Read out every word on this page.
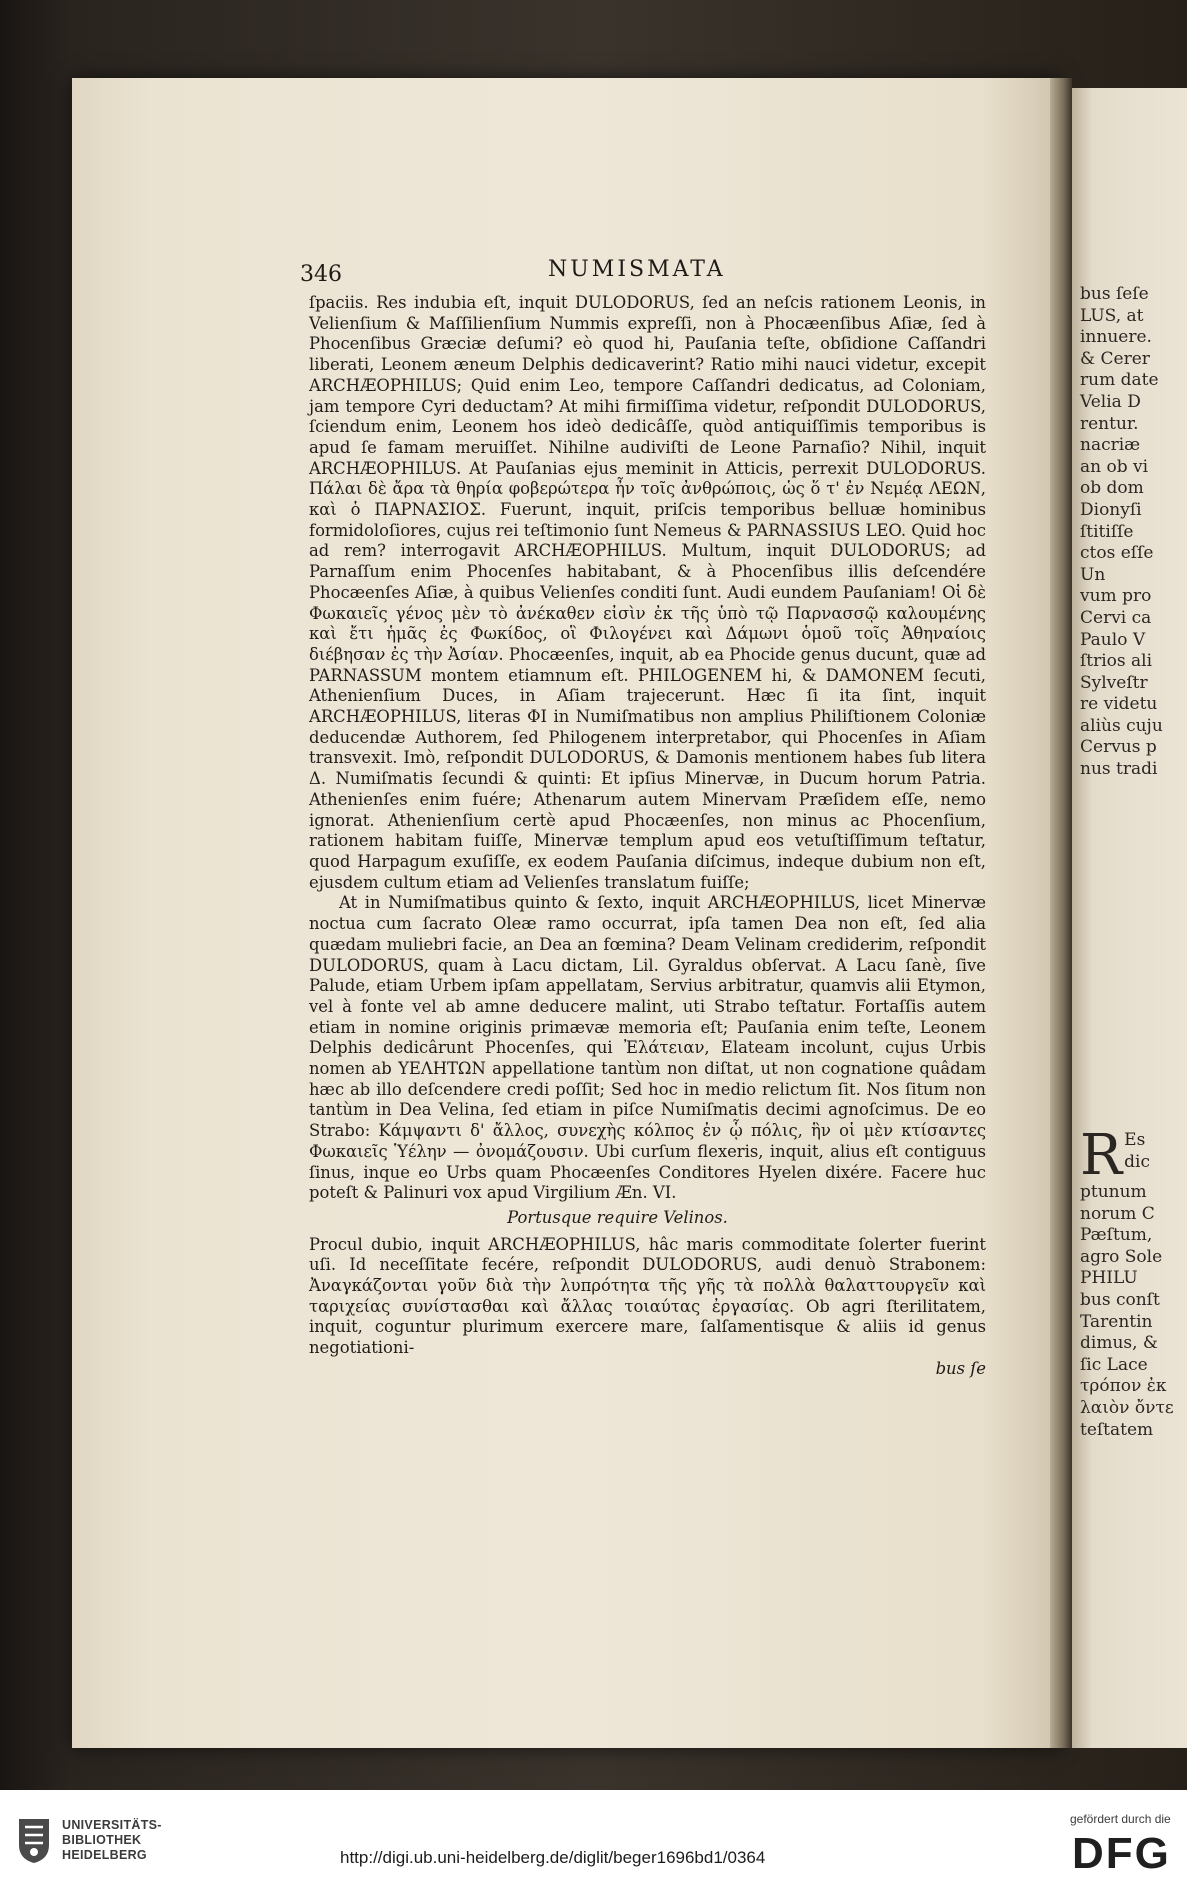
bus ſeſe
LUS, at
innuere.
& Cerer
rum date
Velia D
rentur.
nacriæ
an ob vi
ob dom
Dionyſi
ſtitiſſe
ctos eſſe
Un
vum pro
Cervi ca
Paulo V
ſtrios ali
Sylveſtr
re videtu
aliùs cuju
Cervus p
nus tradi
R Es
dic
ptunum
norum C
Pæſtum,
agro Sole
PHILU
bus conſt
Tarentin
dimus, &
ſic Lace
τρόπον ἐκ
λαιὸν ὄντε
teſtatem
346	NUMISMATA

ſpaciis. Res indubia eſt, inquit DULODORUS, ſed an neſcis rationem Leonis, in Velienſium & Maſſilienſium Nummis expreſſi, non à Phocæenſibus Aſiæ, ſed à Phocenſibus Græciæ deſumi? eò quod hi, Pauſania teſte, obſidione Caſſandri liberati, Leonem æneum Delphis dedicaverint? Ratio mihi nauci videtur, excepit ARCHÆOPHILUS; Quid enim Leo, tempore Caſſandri dedicatus, ad Coloniam, jam tempore Cyri deductam? At mihi firmiſſima videtur, reſpondit DULODORUS, ſciendum enim, Leonem hos ideò dedicâſſe, quòd antiquiſſimis temporibus is apud ſe famam meruiſſet. Nihilne audiviſti de Leone Parnaſio? Nihil, inquit ARCHÆOPHILUS. At Pauſanias ejus meminit in Atticis, perrexit DULODORUS. Πάλαι δὲ ἄρα τὰ θηρία φοβερώτερα ἦν τοῖς ἀνθρώποις, ὡς ὅ τ' ἐν Νεμέᾳ ΛΕΩΝ, καὶ ὁ ΠΑΡΝΑΣΙΟΣ. Fuerunt, inquit, priſcis temporibus belluæ hominibus formidoloſiores, cujus rei teſtimonio ſunt Nemeus & PARNASSIUS LEO. Quid hoc ad rem? interrogavit ARCHÆOPHILUS. Multum, inquit DULODORUS; ad Parnaſſum enim Phocenſes habitabant, & à Phocenſibus illis deſcendére Phocæenſes Aſiæ, à quibus Velienſes conditi ſunt. Audi eundem Pauſaniam! Οἱ δὲ Φωκαιεῖς γένος μὲν τὸ ἀνέκαθεν εἰσὶν ἐκ τῆς ὑπὸ τῷ Παρνασσῷ καλουμένης καὶ ἔτι ἡμᾶς ἐς Φωκίδος, οἳ Φιλογένει καὶ Δάμωνι ὁμοῦ τοῖς Ἀθηναίοις διέβησαν ἐς τὴν Ἀσίαν. Phocæenſes, inquit, ab ea Phocide genus ducunt, quæ ad PARNASSUM montem etiamnum eſt. PHILOGENEM hi, & DAMONEM ſecuti, Athenienſium Duces, in Aſiam trajecerunt. Hæc ſi ita ſint, inquit ARCHÆOPHILUS, literas ΦI in Numiſmatibus non amplius Philiſtionem Coloniæ deducendæ Authorem, ſed Philogenem interpretabor, qui Phocenſes in Aſiam transvexit. Imò, reſpondit DULODORUS, & Damonis mentionem habes ſub litera Δ. Numiſmatis ſecundi & quinti: Et ipſius Minervæ, in Ducum horum Patria. Athenienſes enim fuére; Athenarum autem Minervam Præſidem eſſe, nemo ignorat. Athenienſium certè apud Phocæenſes, non minus ac Phocenſium, rationem habitam fuiſſe, Minervæ templum apud eos vetuſtiſſimum teſtatur, quod Harpagum exuſiſſe, ex eodem Pauſania diſcimus, indeque dubium non eſt, ejusdem cultum etiam ad Velienſes translatum fuiſſe;

At in Numiſmatibus quinto & ſexto, inquit ARCHÆOPHILUS, licet Minervæ noctua cum ſacrato Oleæ ramo occurrat, ipſa tamen Dea non eſt, ſed alia quædam muliebri facie, an Dea an fœmina? Deam Velinam crediderim, reſpondit DULODORUS, quam à Lacu dictam, Lil. Gyraldus obſervat. A Lacu ſanè, ſive Palude, etiam Urbem ipſam appellatam, Servius arbitratur, quamvis alii Etymon, vel à fonte vel ab amne deducere malint, uti Strabo teſtatur. Fortaſſis autem etiam in nomine originis primævæ memoria eſt; Pauſania enim teſte, Leonem Delphis dedicârunt Phocenſes, qui Ἐλάτειαν, Elateam incolunt, cujus Urbis nomen ab ΥΕΛΗΤΩΝ appellatione tantùm non diſtat, ut non cognatione quâdam hæc ab illo deſcendere credi poſſit; Sed hoc in medio relictum ſit. Nos ſitum non tantùm in Dea Velina, ſed etiam in piſce Numiſmatis decimi agnoſcimus. De eo Strabo: Κάμψαντι δ' ἄλλος, συνεχὴς κόλπος ἐν ᾧ πόλις, ἣν οἱ μὲν κτίσαντες Φωκαιεῖς Ὑέλην — ὀνομάζουσιν. Ubi curſum flexeris, inquit, alius eſt contiguus ſinus, inque eo Urbs quam Phocæenſes Conditores Hyelen dixére. Facere huc poteſt & Palinuri vox apud Virgilium Æn. VI.

Portusque require Velinos.

Procul dubio, inquit ARCHÆOPHILUS, hâc maris commoditate ſolerter fuerint uſi. Id neceſſitate fecére, reſpondit DULODORUS, audi denuò Strabonem: Ἀναγκάζονται γοῦν διὰ τὴν λυπρότητα τῆς γῆς τὰ πολλὰ θαλαττουργεῖν καὶ ταριχείας συνίστασθαι καὶ ἄλλας τοιαύτας ἐργασίας. Ob agri ſterilitatem, inquit, coguntur plurimum exercere mare, ſalſamentisque & aliis id genus negotiationi-

bus ſe

UNIVERSITÄTS-
BIBLIOTHEK
HEIDELBERG	http://digi.ub.uni-heidelberg.de/diglit/beger1696bd1/0364
gefördert durch die
DFG
